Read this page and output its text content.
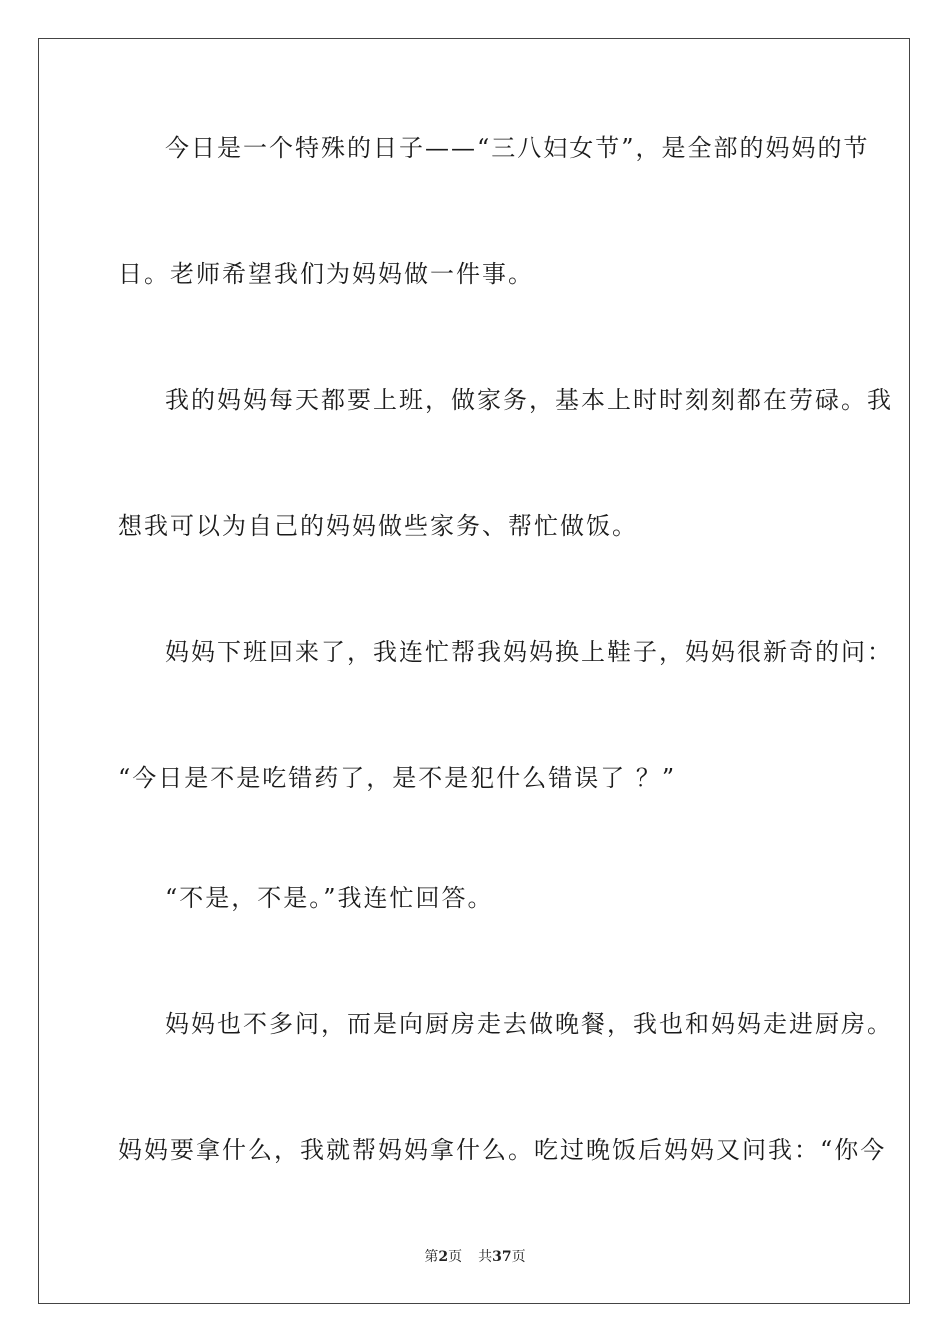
今日是一个特殊的日子——“三八妇女节”，是全部的妈妈的节
日。老师希望我们为妈妈做一件事。
我的妈妈每天都要上班，做家务，基本上时时刻刻都在劳碌。我
想我可以为自己的妈妈做些家务、帮忙做饭。
妈妈下班回来了，我连忙帮我妈妈换上鞋子，妈妈很新奇的问：
“今日是不是吃错药了，是不是犯什么错误了 ？”
“不是，不是。”我连忙回答。
妈妈也不多问，而是向厨房走去做晚餐，我也和妈妈走进厨房。
妈妈要拿什么，我就帮妈妈拿什么。吃过晚饭后妈妈又问我：“你今
第2页 共37页
